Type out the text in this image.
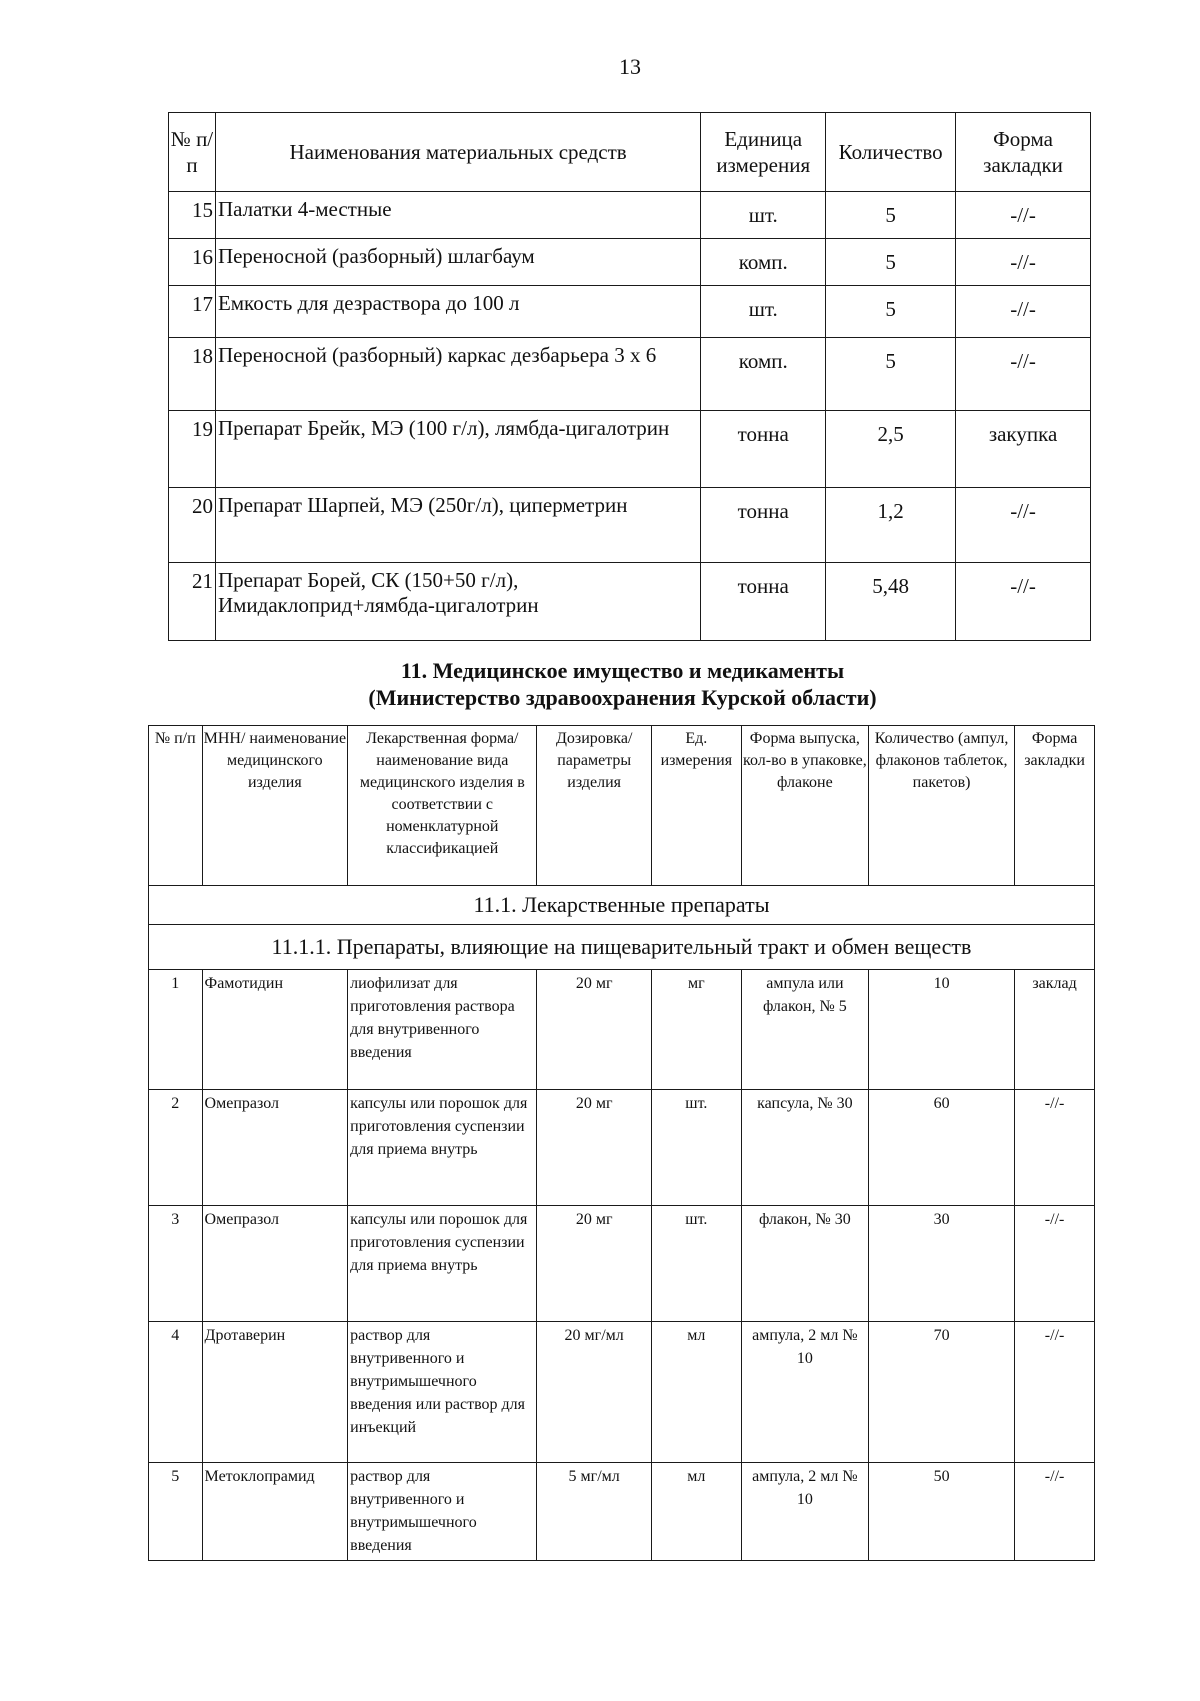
13
№ п/п	Наименования материальных средств	Единица измерения	Количество	Форма закладки
15	Палатки 4-местные	шт.	5	-//-
16	Переносной (разборный) шлагбаум	комп.	5	-//-
17	Емкость для дезраствора до 100 л	шт.	5	-//-
18	Переносной (разборный) каркас дезбарьера 3 х 6	комп.	5	-//-
19	Препарат Брейк, МЭ (100 г/л), лямбда-цигалотрин	тонна	2,5	закупка
20	Препарат Шарпей, МЭ (250г/л), циперметрин	тонна	1,2	-//-
21	Препарат Борей, СК (150+50 г/л), Имидаклоприд+лямбда-цигалотрин	тонна	5,48	-//-
11. Медицинское имущество и медикаменты
(Министерство здравоохранения Курской области)
№ п/п	МНН/ наименование медицинского изделия	Лекарственная форма/ наименование вида медицинского изделия в соответствии с номенклатурной классификацией	Дозировка/ параметры изделия	Ед. измерения	Форма выпуска, кол-во в упаковке, флаконе	Количество (ампул, флаконов таблеток, пакетов)	Форма закладки
11.1. Лекарственные препараты							
11.1.1. Препараты, влияющие на пищеварительный тракт и обмен веществ							
1	Фамотидин	лиофилизат для приготовления раствора для внутривенного введения	20 мг	мг	ампула или флакон, № 5	10	заклад
2	Омепразол	капсулы или порошок для приготовления суспензии для приема внутрь	20 мг	шт.	капсула, № 30	60	-//-
3	Омепразол	капсулы или порошок для приготовления суспензии для приема внутрь	20 мг	шт.	флакон, № 30	30	-//-
4	Дротаверин	раствор для внутривенного и внутримышечного введения или раствор для инъекций	20 мг/мл	мл	ампула, 2 мл № 10	70	-//-
5	Метоклопрамид	раствор для внутривенного и внутримышечного введения	5 мг/мл	мл	ампула, 2 мл № 10	50	-//-
